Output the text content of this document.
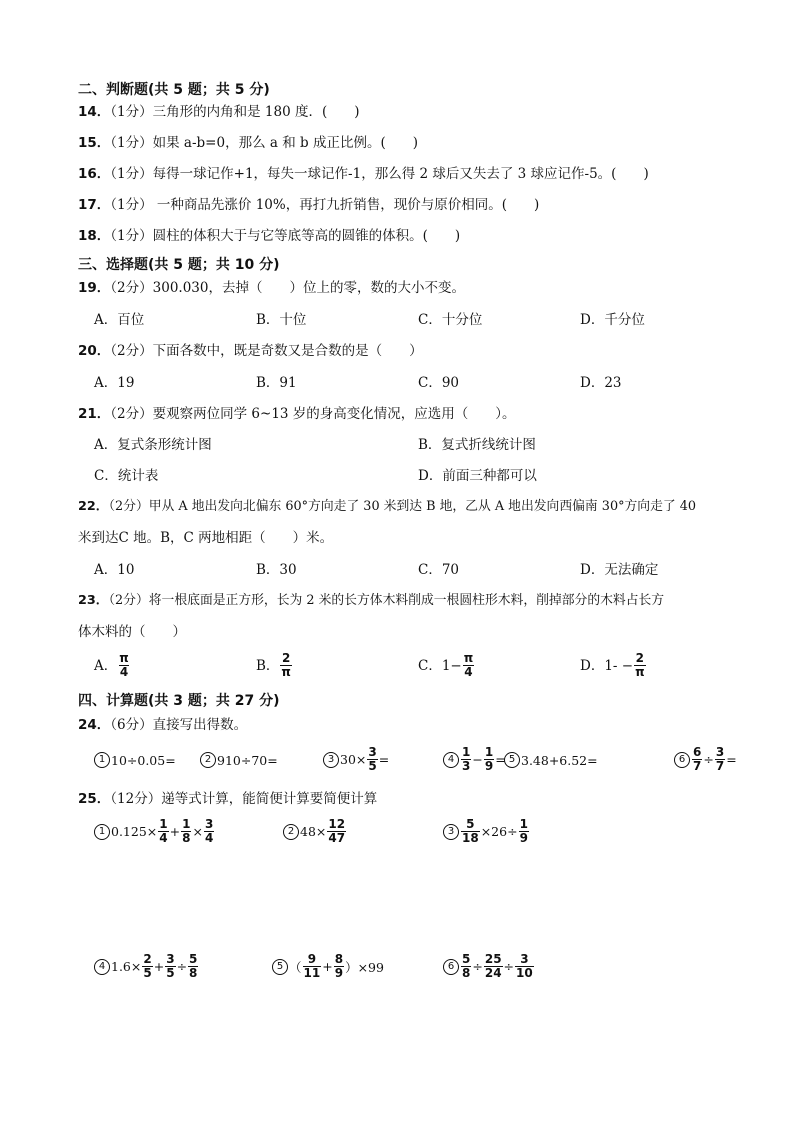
二、判断题(共 5 题；共 5 分)
14．（1分）三角形的内角和是 180 度．(　　)
15．（1分）如果 a-b=0，那么 a 和 b 成正比例。(　　)
16．（1分）每得一球记作+1，每失一球记作-1，那么得 2 球后又失去了 3 球应记作-5。(　　)
17．（1分） 一种商品先涨价 10%，再打九折销售，现价与原价相同。(　　)
18．（1分）圆柱的体积大于与它等底等高的圆锥的体积。(　　)
三、选择题(共 5 题；共 10 分)
19．（2分）300.030，去掉（　　）位上的零，数的大小不变。
A．百位	B．十位	C．十分位	D．千分位
20．（2分）下面各数中，既是奇数又是合数的是（　　）
A．19	B．91	C．90	D．23
21．（2分）要观察两位同学 6~13 岁的身高变化情况，应选用（　　）。
A．复式条形统计图	B．复式折线统计图
C．统计表	D．前面三种都可以
22．（2分）甲从 A 地出发向北偏东 60°方向走了 30 米到达 B 地，乙从 A 地出发向西偏南 30°方向走了 40
米到达C 地。B，C 两地相距（　　）米。
A．10	B．30	C．70	D．无法确定
23．（2分）将一根底面是正方形，长为 2 米的长方体木料削成一根圆柱形木料，削掉部分的木料占长方
体木料的（　　）
A． $\frac{\pi}{4}$	B． $\frac{2}{\pi}$	C．$1- \frac{\pi}{4}$	D．$1- - \frac{2}{\pi}$
四、计算题(共 3 题；共 27 分)
24．（6分）直接写出得数。
1 10÷0.05=	2 910÷70=	3 $30\times \frac{3}{5}$ =	$4 \frac{1}{3} - \frac{1}{9} = 5$ 3.48+6.52=	$6 \frac{6}{7} \div \frac{3}{7}$ =
25．（12分）递等式计算，能简便计算要简便计算
1 $0.125\times \frac{1}{4} + \frac{1}{8} \times \frac{3}{4}$	2 $48\times \frac{12}{47}$	$3 \frac{5}{18} \times 26\div \frac{1}{9}$
4 $1.6\times \frac{2}{5} + \frac{3}{5} \div \frac{5}{8}$	5 （ $\frac{9}{11} + \frac{8}{9} )\times 99$	$6 \frac{5}{8} \div \frac{25}{24} \div \frac{3}{10}$
